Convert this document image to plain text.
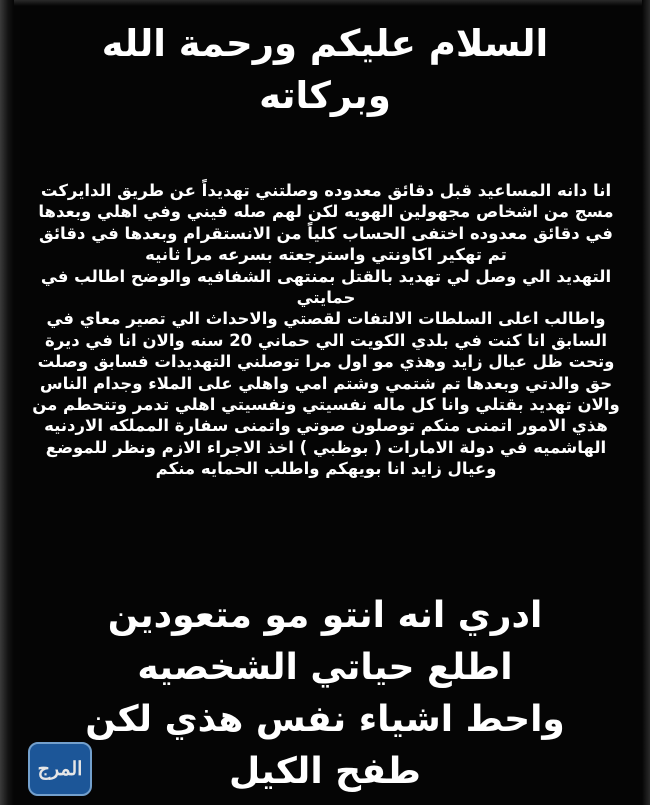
السلام عليكم ورحمة الله
وبركاته
انا دانه المساعيد قبل دقائق معدوده وصلتني تهديداً عن طريق الدايركت
مسج من اشخاص مجهولين الهويه لكن لهم صله فيني وفي اهلي وبعدها
في دقائق معدوده اختفى الحساب كلياً من الانستقرام وبعدها في دقائق
تم تهكير اكاونتي واسترجعته بسرعه مرا ثانيه
التهديد الي وصل لي تهديد بالقتل بمنتهى الشفافيه والوضح اطالب في
حمايتي
واطالب اعلى السلطات الالتفات لقصتي والاحداث الي تصير معاي في
السابق انا كنت في بلدي الكويت الي حماني 20 سنه والان انا في ديرة
وتحت ظل عيال زايد وهذي مو اول مرا توصلني التهديدات فسابق وصلت
حق والدتي وبعدها تم شتمي وشتم امي واهلي على الملاء وجدام الناس
والان تهديد بقتلي وانا كل ماله نفسيتي ونفسيتي اهلي تدمر وتتحطم من
هذي الامور اتمنى منكم توصلون صوتي واتمنى سفارة المملكه الاردنيه
الهاشميه في دولة الامارات ( بوظبي ) اخذ الاجراء الازم ونظر للموضع
وعيال زايد انا بويهكم واطلب الحمايه منكم
ادري انه انتو مو متعودين
اطلع حياتي الشخصيه
واحط اشياء نفس هذي لكن
طفح الكيل
المرج
